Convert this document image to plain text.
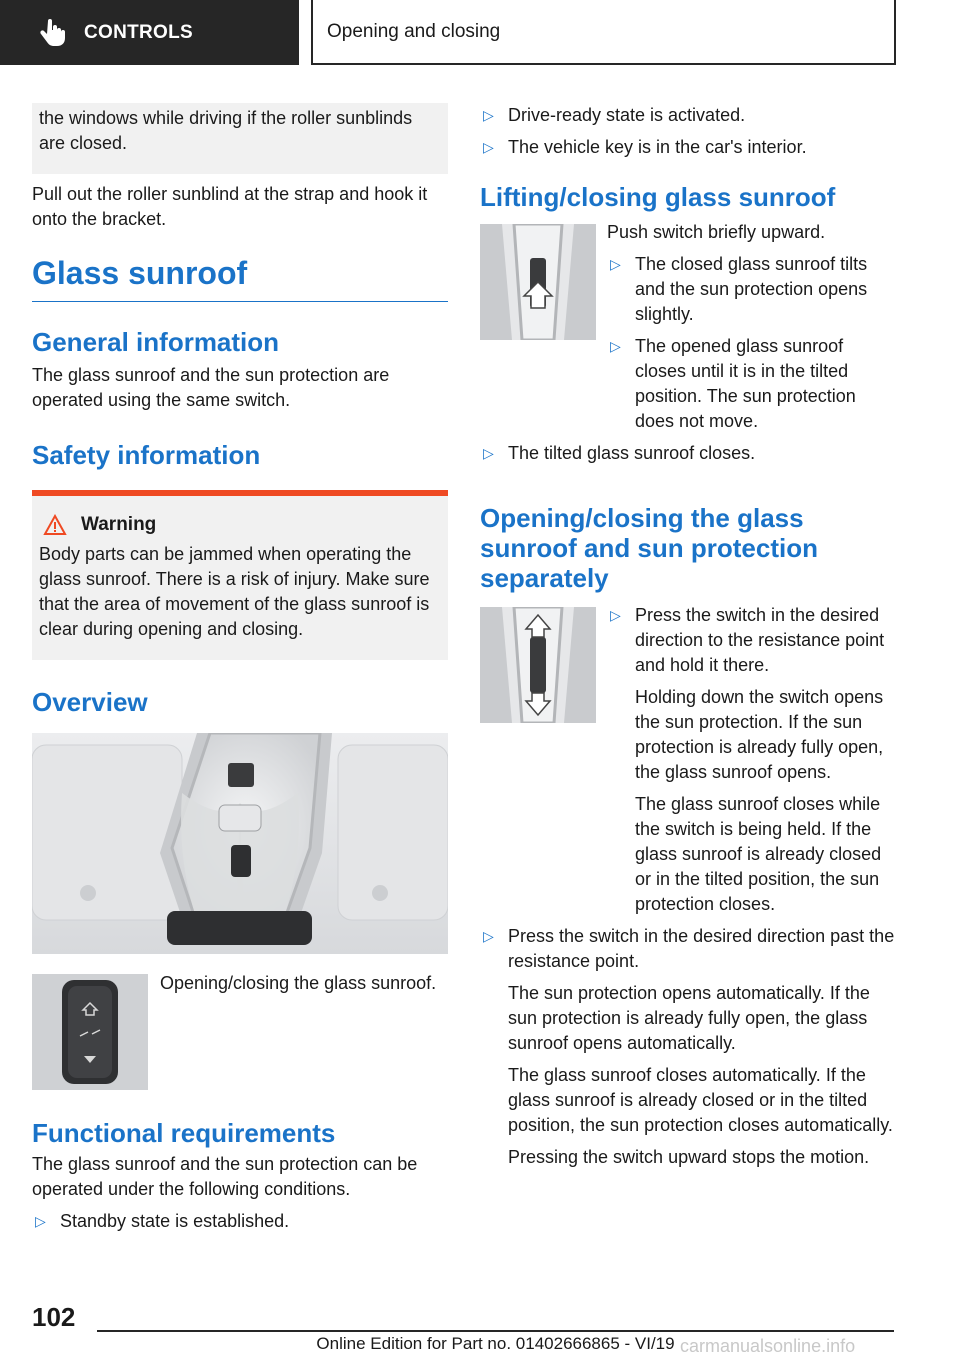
CONTROLS	Opening and closing
the windows while driving if the roller sunblinds are closed.
Pull out the roller sunblind at the strap and hook it onto the bracket.
Glass sunroof
General information
The glass sunroof and the sun protection are operated using the same switch.
Safety information
Warning
Body parts can be jammed when operating the glass sunroof. There is a risk of injury. Make sure that the area of movement of the glass sunroof is clear during opening and closing.
Overview
Opening/closing the glass sunroof.
Functional requirements
The glass sunroof and the sun protection can be operated under the following conditions.
▷ Standby state is established.
▷ Drive-ready state is activated.
▷ The vehicle key is in the car's interior.
Lifting/closing glass sunroof
Push switch briefly upward.
▷ The closed glass sunroof tilts and the sun protection opens slightly.
▷ The opened glass sunroof closes until it is in the tilted position. The sun protection does not move.
▷ The tilted glass sunroof closes.
Opening/closing the glass sunroof and sun protection separately
▷ Press the switch in the desired direction to the resistance point and hold it there.
Holding down the switch opens the sun protection. If the sun protection is already fully open, the glass sunroof opens.
The glass sunroof closes while the switch is being held. If the glass sunroof is already closed or in the tilted position, the sun protection closes.
▷ Press the switch in the desired direction past the resistance point.
The sun protection opens automatically. If the sun protection is already fully open, the glass sunroof opens automatically.
The glass sunroof closes automatically. If the glass sunroof is already closed or in the tilted position, the sun protection closes automatically.
Pressing the switch upward stops the motion.
102
Online Edition for Part no. 01402666865 - VI/19 carmanualsonline.info
